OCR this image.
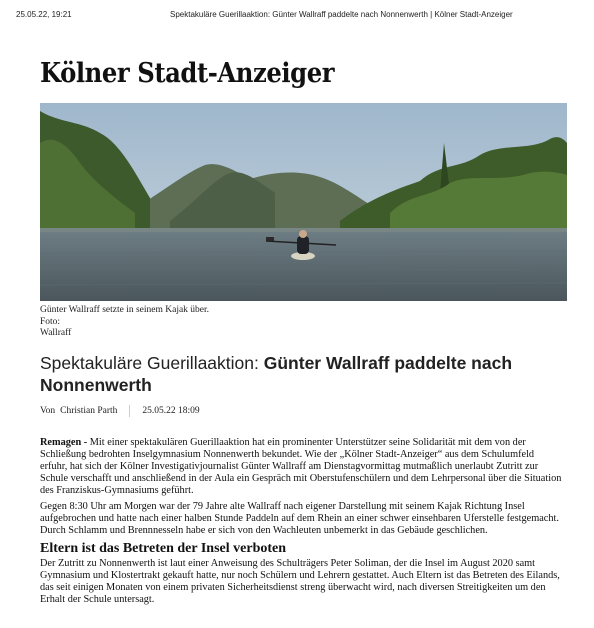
25.05.22, 19:21	Spektakuläre Guerillaaktion: Günter Wallraff paddelte nach Nonnenwerth | Kölner Stadt-Anzeiger
Kölner Stadt-Anzeiger
Günter Wallraff setzte in seinem Kajak über.
Foto:
Wallraff
Spektakuläre Guerillaaktion: Günter Wallraff paddelte nach Nonnenwerth
Von Christian Parth	25.05.22 18:09

Remagen - Mit einer spektakulären Guerillaaktion hat ein prominenter Unterstützer seine Solidarität mit dem von der Schließung bedrohten Inselgymnasium Nonnenwerth bekundet. Wie der „Kölner Stadt-Anzeiger“ aus dem Schulumfeld erfuhr, hat sich der Kölner Investigativjournalist Günter Wallraff am Dienstagvormittag mutmaßlich unerlaubt Zutritt zur Schule verschafft und anschließend in der Aula ein Gespräch mit Oberstufenschülern und dem Lehrpersonal über die Situation des Franziskus-Gymnasiums geführt.

Gegen 8:30 Uhr am Morgen war der 79 Jahre alte Wallraff nach eigener Darstellung mit seinem Kajak Richtung Insel aufgebrochen und hatte nach einer halben Stunde Paddeln auf dem Rhein an einer schwer einsehbaren Uferstelle festgemacht. Durch Schlamm und Brennnesseln habe er sich von den Wachleuten unbemerkt in das Gebäude geschlichen.

Eltern ist das Betreten der Insel verboten

Der Zutritt zu Nonnenwerth ist laut einer Anweisung des Schulträgers Peter Soliman, der die Insel im August 2020 samt Gymnasium und Klostertrakt gekauft hatte, nur noch Schülern und Lehrern gestattet. Auch Eltern ist das Betreten des Eilands, das seit einigen Monaten von einem privaten Sicherheitsdienst streng überwacht wird, nach diversen Streitigkeiten um den Erhalt der Schule untersagt.
